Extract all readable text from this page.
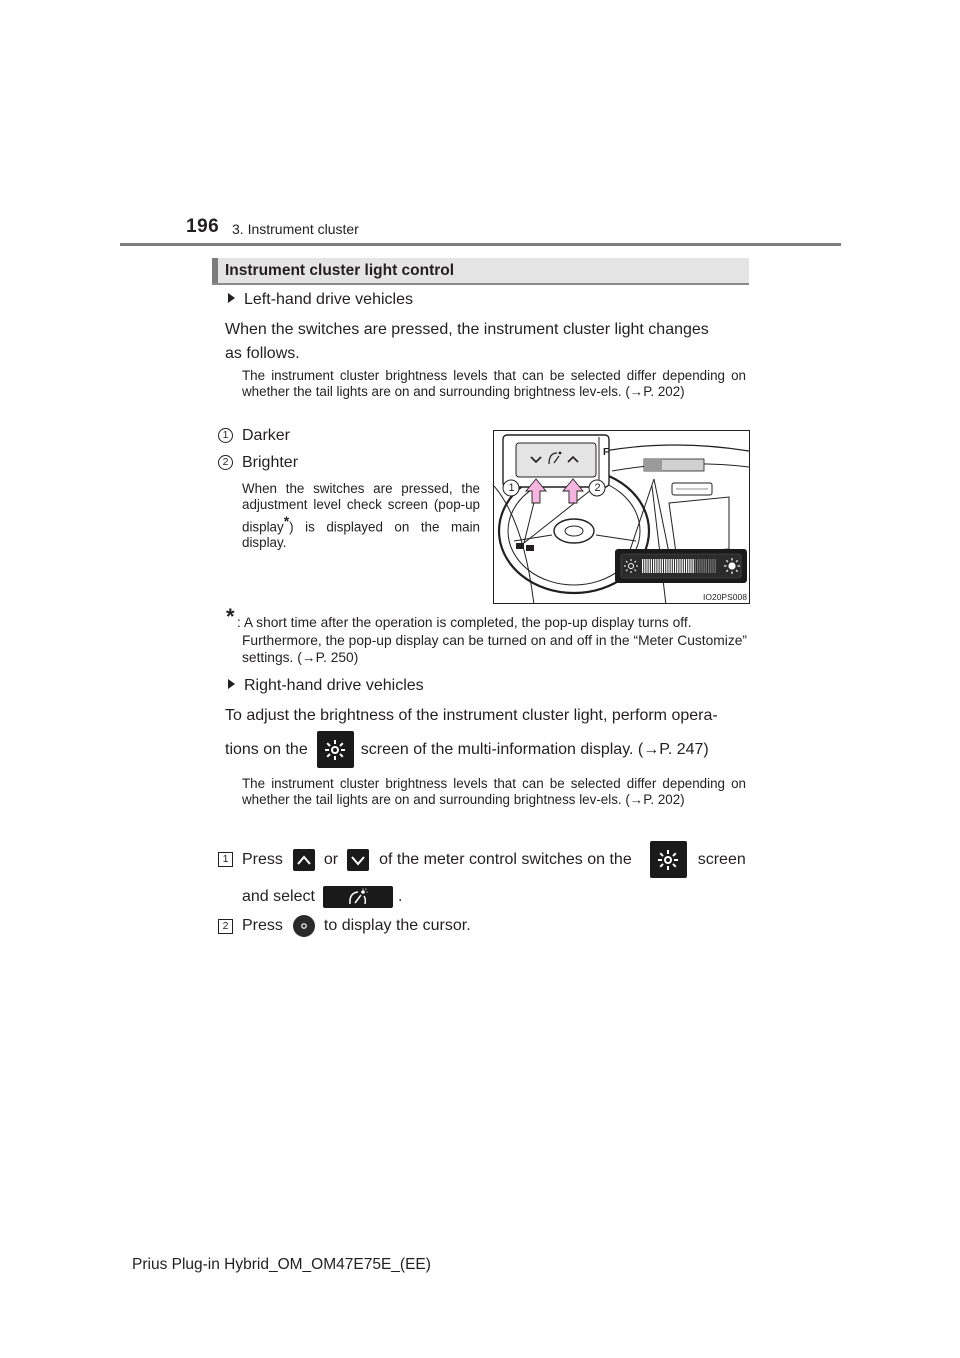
196 3. Instrument cluster
Instrument cluster light control
Left-hand drive vehicles
When the switches are pressed, the instrument cluster light changes
as follows.
The instrument cluster brightness levels that can be selected differ depending on whether the tail lights are on and surrounding brightness lev-els. (→P. 202)
1 Darker
2 Brighter
When the switches are pressed, the adjustment level check screen (pop-up display*) is displayed on the main display.
1	2
F
IO20PS008
* : A short time after the operation is completed, the pop-up display turns off.
Furthermore, the pop-up display can be turned on and off in the “Meter Customize” settings. (→P. 250)
Right-hand drive vehicles
To adjust the brightness of the instrument cluster light, perform opera-
tions on the	screen of the multi-information display. (→P. 247)
The instrument cluster brightness levels that can be selected differ depending on whether the tail lights are on and surrounding brightness lev-els. (→P. 202)
1 Press	or	of the meter control switches on the	screen
and select	.
2 Press	to display the cursor.
Prius Plug-in Hybrid_OM_OM47E75E_(EE)
